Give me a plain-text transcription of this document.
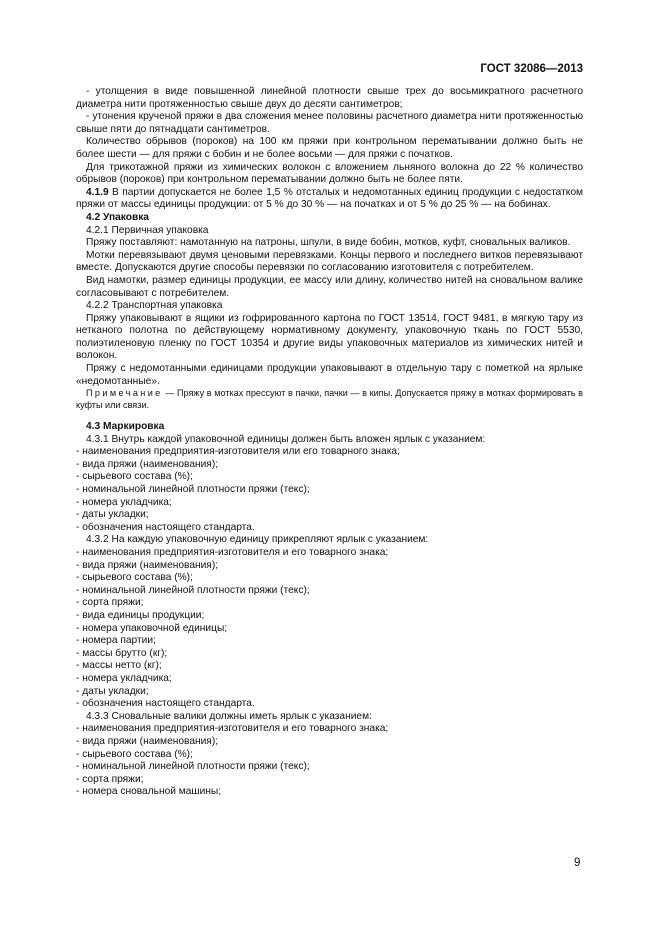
ГОСТ 32086—2013

- утолщения в виде повышенной линейной плотности свыше трех до восьмикратного расчетного диаметра нити протяженностью свыше двух до десяти сантиметров;

- утонения крученой пряжи в два сложения менее половины расчетного диаметра нити протяженностью свыше пяти до пятнадцати сантиметров.

Количество обрывов (пороков) на 100 км пряжи при контрольном перематывании должно быть не более шести — для пряжи с бобин и не более восьми — для пряжи с початков.

Для трикотажной пряжи из химических волокон с вложением льняного волокна до 22 % количество обрывов (пороков) при контрольном перематывании должно быть не более пяти.

4.1.9 В партии допускается не более 1,5 % отсталых и недомотанных единиц продукции с недостатком пряжи от массы единицы продукции: от 5 % до 30 % — на початках и от 5 % до 25 % — на бобинах.

4.2 Упаковка

4.2.1 Первичная упаковка

Пряжу поставляют: намотанную на патроны, шпули, в виде бобин, мотков, куфт, сновальных валиков.

Мотки перевязывают двумя ценовыми перевязками. Концы первого и последнего витков перевязывают вместе. Допускаются другие способы перевязки по согласованию изготовителя с потребителем.

Вид намотки, размер единицы продукции, ее массу или длину, количество нитей на сновальном валике согласовывают с потребителем.

4.2.2 Транспортная упаковка

Пряжу упаковывают в ящики из гофрированного картона по ГОСТ 13514, ГОСТ 9481, в мягкую тару из нетканого полотна по действующему нормативному документу, упаковочную ткань по ГОСТ 5530, полиэтиленовую пленку по ГОСТ 10354 и другие виды упаковочных материалов из химических нитей и волокон.

Пряжу с недомотанными единицами продукции упаковывают в отдельную тару с пометкой на ярлыке «недомотанные».

Примечание — Пряжу в мотках прессуют в пачки, пачки — в кипы. Допускается пряжу в мотках формировать в куфты или связи.

4.3 Маркировка

4.3.1 Внутрь каждой упаковочной единицы должен быть вложен ярлык с указанием:

- наименования предприятия-изготовителя или его товарного знака;

- вида пряжи (наименования);

- сырьевого состава (%);

- номинальной линейной плотности пряжи (текс);

- номера укладчика;

- даты укладки;

- обозначения настоящего стандарта.

4.3.2 На каждую упаковочную единицу прикрепляют ярлык с указанием:

- наименования предприятия-изготовителя и его товарного знака;

- вида пряжи (наименования);

- сырьевого состава (%);

- номинальной линейной плотности пряжи (текс);

- сорта пряжи;

- вида единицы продукции;

- номера упаковочной единицы;

- номера партии;

- массы брутто (кг);

- массы нетто (кг);

- номера укладчика;

- даты укладки;

- обозначения настоящего стандарта.

4.3.3 Сновальные валики должны иметь ярлык с указанием:

- наименования предприятия-изготовителя и его товарного знака;

- вида пряжи (наименования);

- сырьевого состава (%);

- номинальной линейной плотности пряжи (текс);

- сорта пряжи;

- номера сновальной машины;

9
